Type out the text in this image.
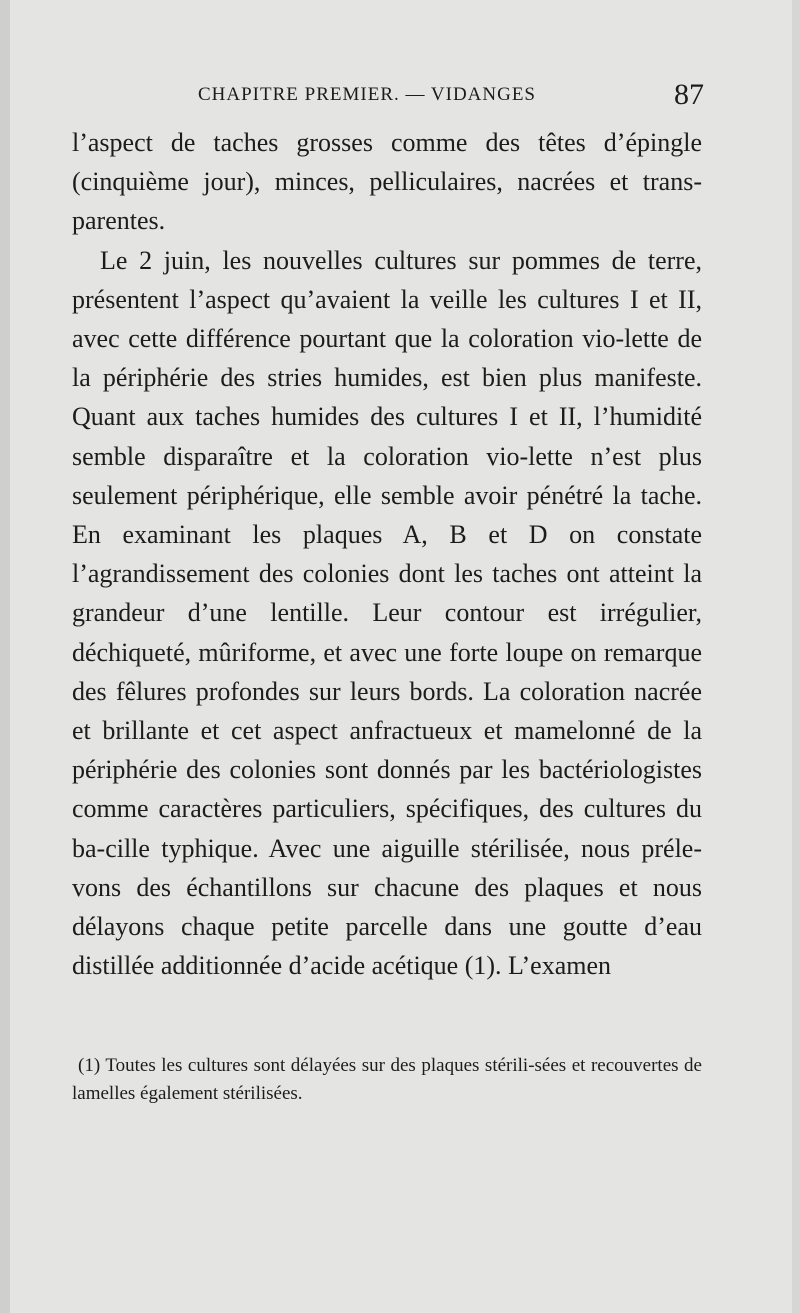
CHAPITRE PREMIER. — VIDANGES	87

l’aspect de taches grosses comme des têtes d’épingle (cinquième jour), minces, pelliculaires, nacrées et trans-parentes.

Le 2 juin, les nouvelles cultures sur pommes de terre, présentent l’aspect qu’avaient la veille les cultures I et II, avec cette différence pourtant que la coloration vio-lette de la périphérie des stries humides, est bien plus manifeste. Quant aux taches humides des cultures I et II, l’humidité semble disparaître et la coloration vio-lette n’est plus seulement périphérique, elle semble avoir pénétré la tache. En examinant les plaques A, B et D on constate l’agrandissement des colonies dont les taches ont atteint la grandeur d’une lentille. Leur contour est irrégulier, déchiqueté, mûriforme, et avec une forte loupe on remarque des fêlures profondes sur leurs bords. La coloration nacrée et brillante et cet aspect anfractueux et mamelonné de la périphérie des colonies sont donnés par les bactériologistes comme caractères particuliers, spécifiques, des cultures du ba-cille typhique. Avec une aiguille stérilisée, nous préle-vons des échantillons sur chacune des plaques et nous délayons chaque petite parcelle dans une goutte d’eau distillée additionnée d’acide acétique (1). L’examen

(1) Toutes les cultures sont délayées sur des plaques stérili-sées et recouvertes de lamelles également stérilisées.
